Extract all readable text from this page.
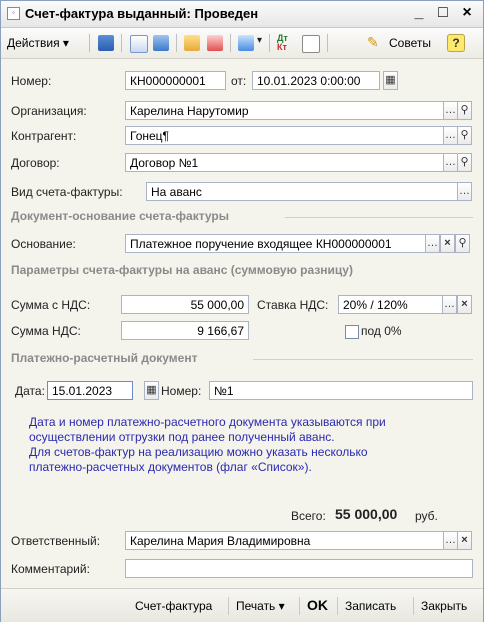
◦ Счет-фактура выданный: Проведен	_ □ ×
Действия ▾	▾ Дт
Кт	✎ Советы	?
Номер:	КН000000001	от: 10.01.2023 0:00:00	▦
Организация:	Карелина Нарутомир	… ⚲
Контрагент:	Гонец¶	… ⚲
Договор:	Договор №1	… ⚲
Вид счета-фактуры:	На аванс	…
Документ-основание счета-фактуры
Основание:	Платежное поручение входящее КН000000001	… × ⚲
Параметры счета-фактуры на аванс (суммовую разницу)
Сумма с НДС:	55 000,00	Ставка НДС:	20% / 120%	… ×
Сумма НДС:	9 166,67	под 0%
Платежно-расчетный документ
Дата: 15.01.2023	▦ Номер:	№1
Дата и номер платежно-расчетного документа указываются при
осуществлении отгрузки под ранее полученный аванс.
Для счетов-фактур на реализацию можно указать несколько
платежно-расчетных документов (флаг «Список»).
Всего: 55 000,00 руб.
Ответственный:	Карелина Мария Владимировна	… ×
Комментарий:
Счет-фактура Печать ▾ OK Записать Закрыть
